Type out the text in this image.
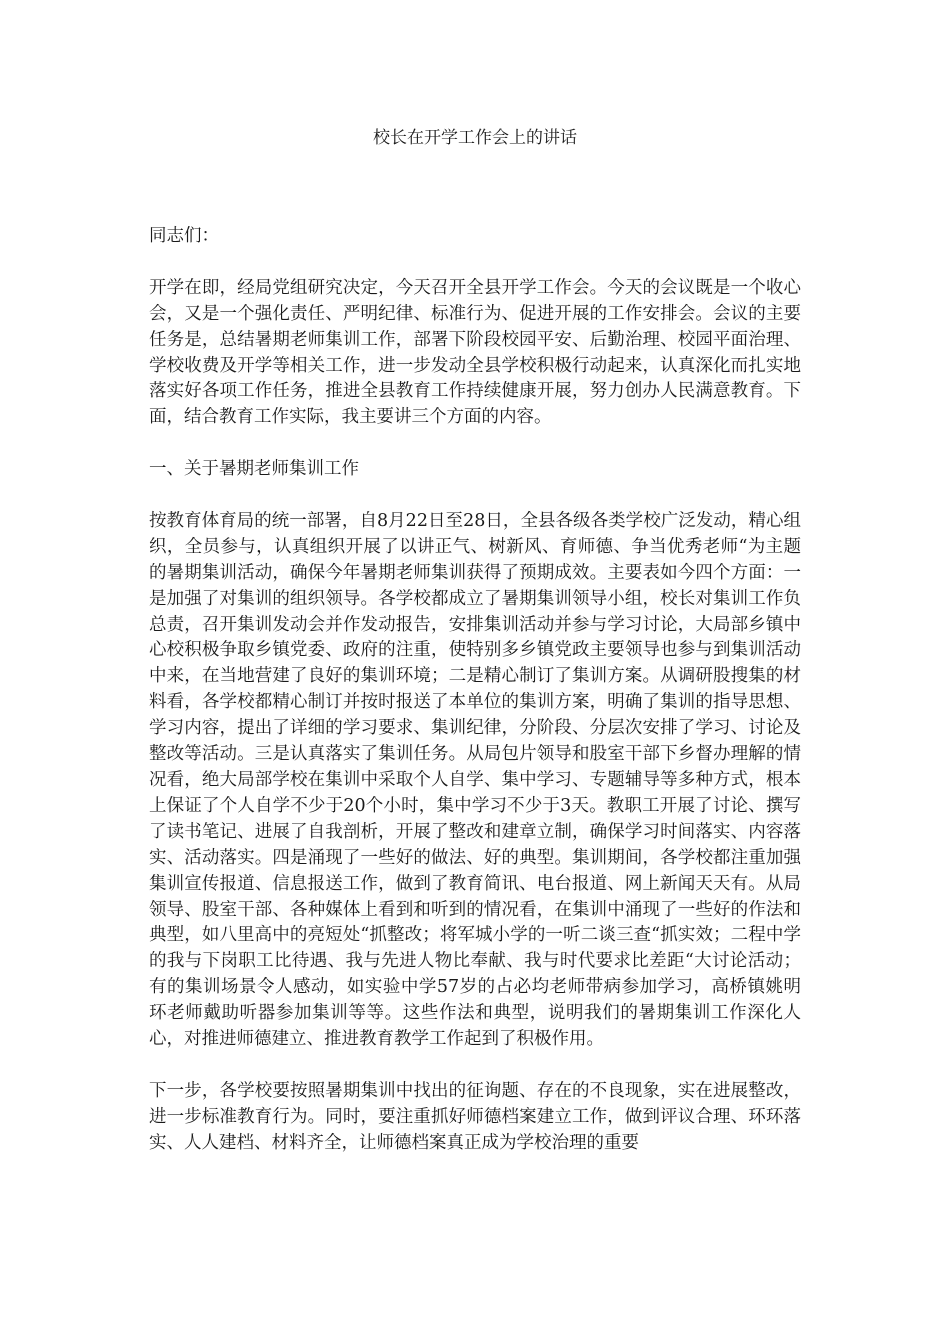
校长在开学工作会上的讲话

同志们：

开学在即，经局党组研究决定，今天召开全县开学工作会。今天的会议既是一个收心会，又是一个强化责任、严明纪律、标准行为、促进开展的工作安排会。会议的主要任务是，总结暑期老师集训工作，部署下阶段校园平安、后勤治理、校园平面治理、学校收费及开学等相关工作，进一步发动全县学校积极行动起来，认真深化而扎实地落实好各项工作任务，推进全县教育工作持续健康开展，努力创办人民满意教育。下面，结合教育工作实际，我主要讲三个方面的内容。

一、关于暑期老师集训工作

按教育体育局的统一部署，自8月22日至28日，全县各级各类学校广泛发动，精心组织，全员参与，认真组织开展了以讲正气、树新风、育师德、争当优秀老师“为主题的暑期集训活动，确保今年暑期老师集训获得了预期成效。主要表如今四个方面：一是加强了对集训的组织领导。各学校都成立了暑期集训领导小组，校长对集训工作负总责，召开集训发动会并作发动报告，安排集训活动并参与学习讨论，大局部乡镇中心校积极争取乡镇党委、政府的注重，使特别多乡镇党政主要领导也参与到集训活动中来，在当地营建了良好的集训环境；二是精心制订了集训方案。从调研股搜集的材料看，各学校都精心制订并按时报送了本单位的集训方案，明确了集训的指导思想、学习内容，提出了详细的学习要求、集训纪律，分阶段、分层次安排了学习、讨论及整改等活动。三是认真落实了集训任务。从局包片领导和股室干部下乡督办理解的情况看，绝大局部学校在集训中采取个人自学、集中学习、专题辅导等多种方式，根本上保证了个人自学不少于20个小时，集中学习不少于3天。教职工开展了讨论、撰写了读书笔记、进展了自我剖析，开展了整改和建章立制，确保学习时间落实、内容落实、活动落实。四是涌现了一些好的做法、好的典型。集训期间，各学校都注重加强集训宣传报道、信息报送工作，做到了教育简讯、电台报道、网上新闻天天有。从局领导、股室干部、各种媒体上看到和听到的情况看，在集训中涌现了一些好的作法和典型，如八里高中的亮短处“抓整改；将军城小学的一听二谈三查“抓实效；二程中学的我与下岗职工比待遇、我与先进人物比奉献、我与时代要求比差距“大讨论活动；有的集训场景令人感动，如实验中学57岁的占必均老师带病参加学习，高桥镇姚明环老师戴助听器参加集训等等。这些作法和典型，说明我们的暑期集训工作深化人心，对推进师德建立、推进教育教学工作起到了积极作用。

下一步，各学校要按照暑期集训中找出的征询题、存在的不良现象，实在进展整改，进一步标准教育行为。同时，要注重抓好师德档案建立工作，做到评议合理、环环落实、人人建档、材料齐全，让师德档案真正成为学校治理的重要
